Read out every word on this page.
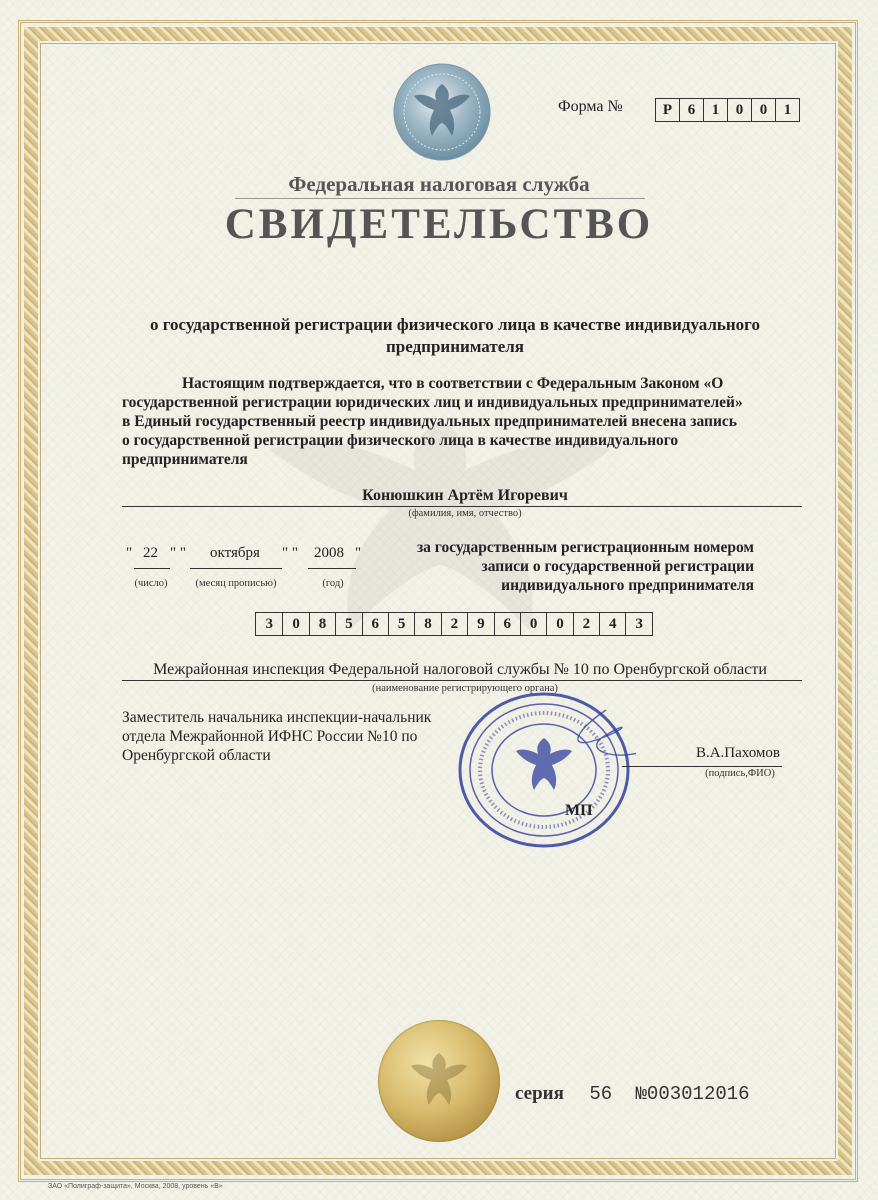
Форма №	Р	6	1	0	0	1
Федеральная налоговая служба
СВИДЕТЕЛЬСТВО
о государственной регистрации физического лица в качестве индивидуального предпринимателя
Настоящим подтверждается, что в соответствии с Федеральным Законом «О
государственной регистрации юридических лиц и индивидуальных предпринимателей»
в Единый государственный реестр индивидуальных предпринимателей внесена запись
о государственной регистрации физического лица в качестве индивидуального
предпринимателя
Конюшкин Артём Игоревич
(фамилия, имя, отчество)
" 22 " " октября " " 2008 "
(число)	(месяц прописью)	(год)
за государственным регистрационным номером
записи о государственной регистрации
индивидуального предпринимателя
3	0	8	5	6	5	8	2	9	6	0	0	2	4	3
Межрайонная инспекция Федеральной налоговой службы № 10 по Оренбургской области
(наименование регистрирующего органа)
Заместитель начальника инспекции-начальник
отдела Межрайонной ИФНС России №10 по
Оренбургской области
МП
В.А.Пахомов
(подпись,ФИО)
серия 56 №003012016
ЗАО «Полиграф-защита», Москва, 2008, уровень «В»
